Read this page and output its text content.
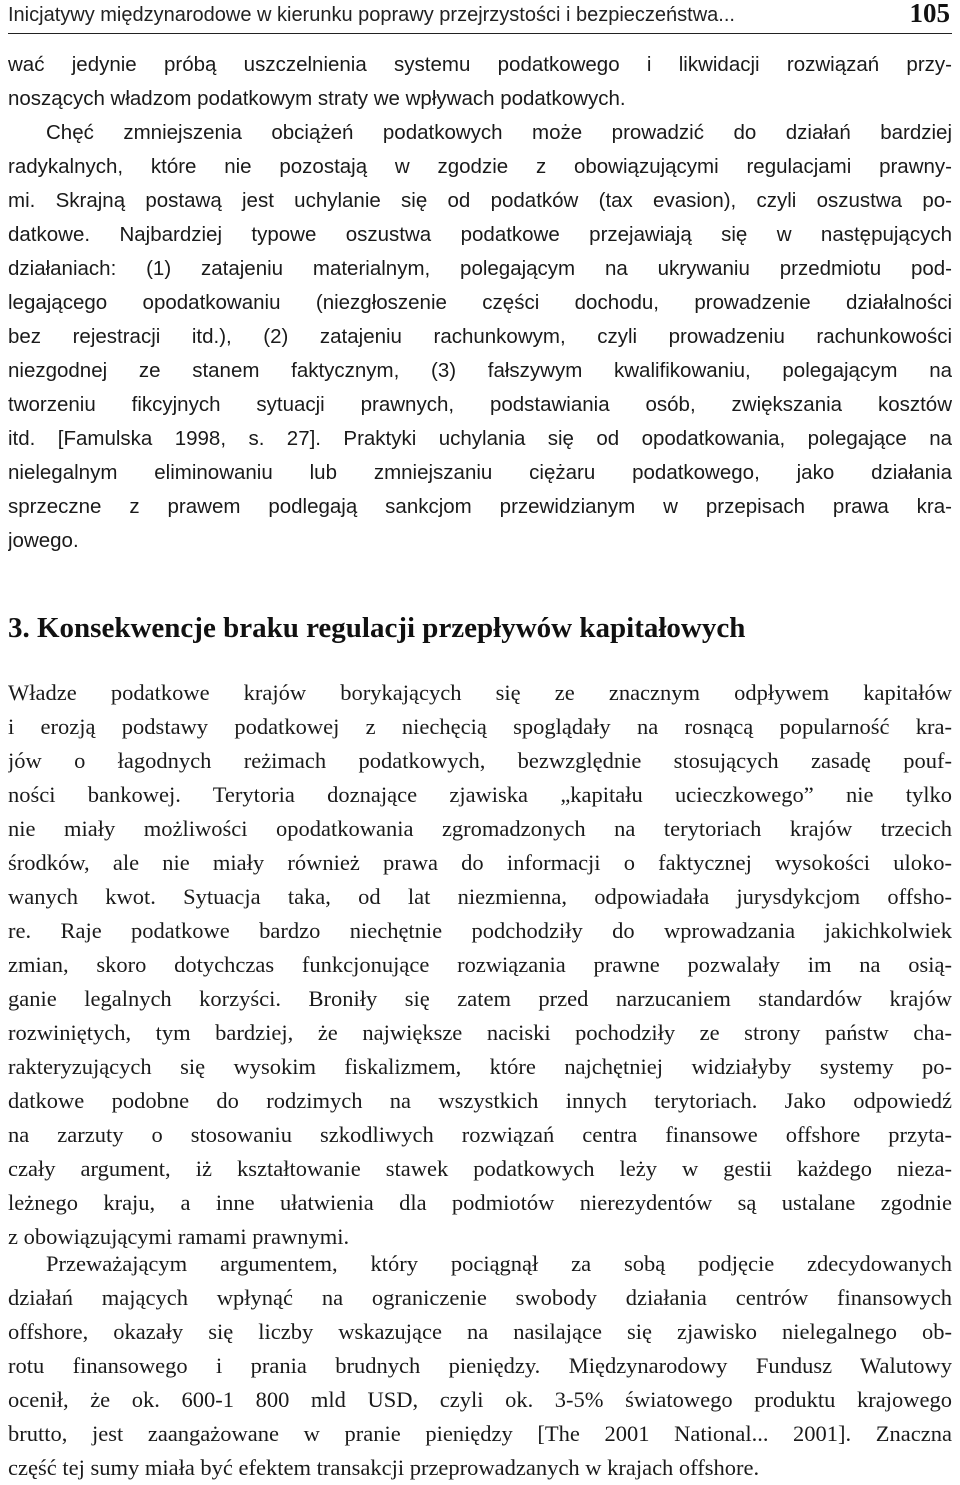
Inicjatywy międzynarodowe w kierunku poprawy przejrzystości i bezpieczeństwa...	105
wać jedynie próbą uszczelnienia systemu podatkowego i likwidacji rozwiązań przy-
noszących władzom podatkowym straty we wpływach podatkowych.
Chęć zmniejszenia obciążeń podatkowych może prowadzić do działań bardziej
radykalnych, które nie pozostają w zgodzie z obowiązującymi regulacjami prawny-
mi. Skrajną postawą jest uchylanie się od podatków (tax evasion), czyli oszustwa po-
datkowe. Najbardziej typowe oszustwa podatkowe przejawiają się w następujących
działaniach: (1) zatajeniu materialnym, polegającym na ukrywaniu przedmiotu pod-
legającego opodatkowaniu (niezgłoszenie części dochodu, prowadzenie działalności
bez rejestracji itd.), (2) zatajeniu rachunkowym, czyli prowadzeniu rachunkowości
niezgodnej ze stanem faktycznym, (3) fałszywym kwalifikowaniu, polegającym na
tworzeniu fikcyjnych sytuacji prawnych, podstawiania osób, zwiększania kosztów
itd. [Famulska 1998, s. 27]. Praktyki uchylania się od opodatkowania, polegające na
nielegalnym eliminowaniu lub zmniejszaniu ciężaru podatkowego, jako działania
sprzeczne z prawem podlegają sankcjom przewidzianym w przepisach prawa kra-
jowego.
3. Konsekwencje braku regulacji przepływów kapitałowych
Władze podatkowe krajów borykających się ze znacznym odpływem kapitałów
i erozją podstawy podatkowej z niechęcią spoglądały na rosnącą popularność kra-
jów o łagodnych reżimach podatkowych, bezwzględnie stosujących zasadę pouf-
ności bankowej. Terytoria doznające zjawiska „kapitału ucieczkowego” nie tylko
nie miały możliwości opodatkowania zgromadzonych na terytoriach krajów trzecich
środków, ale nie miały również prawa do informacji o faktycznej wysokości uloko-
wanych kwot. Sytuacja taka, od lat niezmienna, odpowiadała jurysdykcjom offsho-
re. Raje podatkowe bardzo niechętnie podchodziły do wprowadzania jakichkolwiek
zmian, skoro dotychczas funkcjonujące rozwiązania prawne pozwalały im na osią-
ganie legalnych korzyści. Broniły się zatem przed narzucaniem standardów krajów
rozwiniętych, tym bardziej, że największe naciski pochodziły ze strony państw cha-
rakteryzujących się wysokim fiskalizmem, które najchętniej widziałyby systemy po-
datkowe podobne do rodzimych na wszystkich innych terytoriach. Jako odpowiedź
na zarzuty o stosowaniu szkodliwych rozwiązań centra finansowe offshore przyta-
czały argument, iż kształtowanie stawek podatkowych leży w gestii każdego nieza-
leżnego kraju, a inne ułatwienia dla podmiotów nierezydentów są ustalane zgodnie
z obowiązującymi ramami prawnymi.
Przeważającym argumentem, który pociągnął za sobą podjęcie zdecydowanych
działań mających wpłynąć na ograniczenie swobody działania centrów finansowych
offshore, okazały się liczby wskazujące na nasilające się zjawisko nielegalnego ob-
rotu finansowego i prania brudnych pieniędzy. Międzynarodowy Fundusz Walutowy
ocenił, że ok. 600-1 800 mld USD, czyli ok. 3-5% światowego produktu krajowego
brutto, jest zaangażowane w pranie pieniędzy [The 2001 National... 2001]. Znaczna
część tej sumy miała być efektem transakcji przeprowadzanych w krajach offshore.
